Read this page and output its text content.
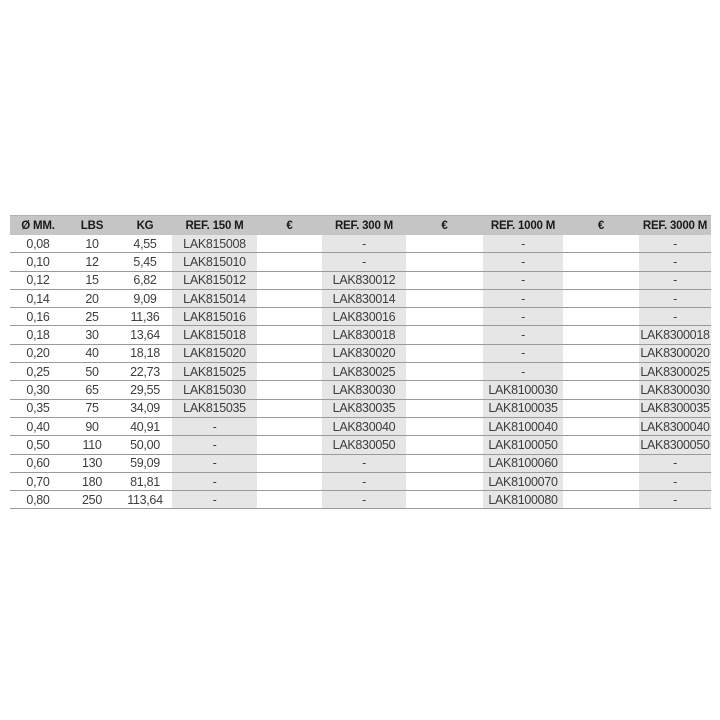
Ø MM.	LBS	KG	REF. 150 M	€	REF. 300 M	€	REF. 1000 M	€	REF. 3000 M
0,08	10	4,55	LAK815008		-		-		-
0,10	12	5,45	LAK815010		-		-		-
0,12	15	6,82	LAK815012		LAK830012		-		-
0,14	20	9,09	LAK815014		LAK830014		-		-
0,16	25	11,36	LAK815016		LAK830016		-		-
0,18	30	13,64	LAK815018		LAK830018		-		LAK8300018
0,20	40	18,18	LAK815020		LAK830020		-		LAK8300020
0,25	50	22,73	LAK815025		LAK830025		-		LAK8300025
0,30	65	29,55	LAK815030		LAK830030		LAK8100030		LAK8300030
0,35	75	34,09	LAK815035		LAK830035		LAK8100035		LAK8300035
0,40	90	40,91	-		LAK830040		LAK8100040		LAK8300040
0,50	110	50,00	-		LAK830050		LAK8100050		LAK8300050
0,60	130	59,09	-		-		LAK8100060		-
0,70	180	81,81	-		-		LAK8100070		-
0,80	250	113,64	-		-		LAK8100080		-
